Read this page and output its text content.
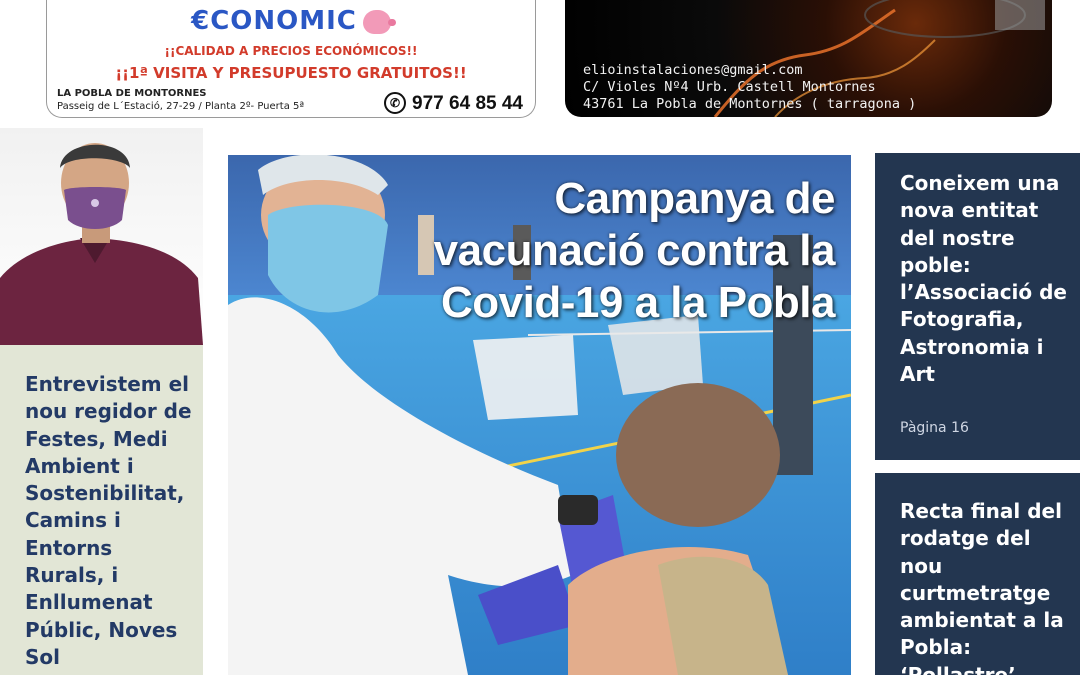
€CONOMIC
¡¡CALIDAD A PRECIOS ECONÓMICOS!!
¡¡1ª VISITA Y PRESUPUESTO GRATUITOS!!
LA POBLA DE MONTORNES
Passeig de L´Estació, 27-29 / Planta 2º- Puerta 5ª	✆ 977 64 85 44
elioinstalaciones@gmail.com
C/ Violes Nº4 Urb. Castell Montornes
43761 La Pobla de Montornes ( tarragona )
Entrevistem el nou regidor de Festes, Medi Ambient i Sostenibilitat, Camins i Entorns Rurals, i Enllumenat Públic, Noves Sol
Campanya de vacunació contra la Covid-19 a la Pobla
Coneixem una nova entitat del nostre poble: l’Associació de Fotografia, Astronomia i Art
Pàgina 16
Recta final del rodatge del nou curtmetratge ambientat a la Pobla: ‘Pollastre’
